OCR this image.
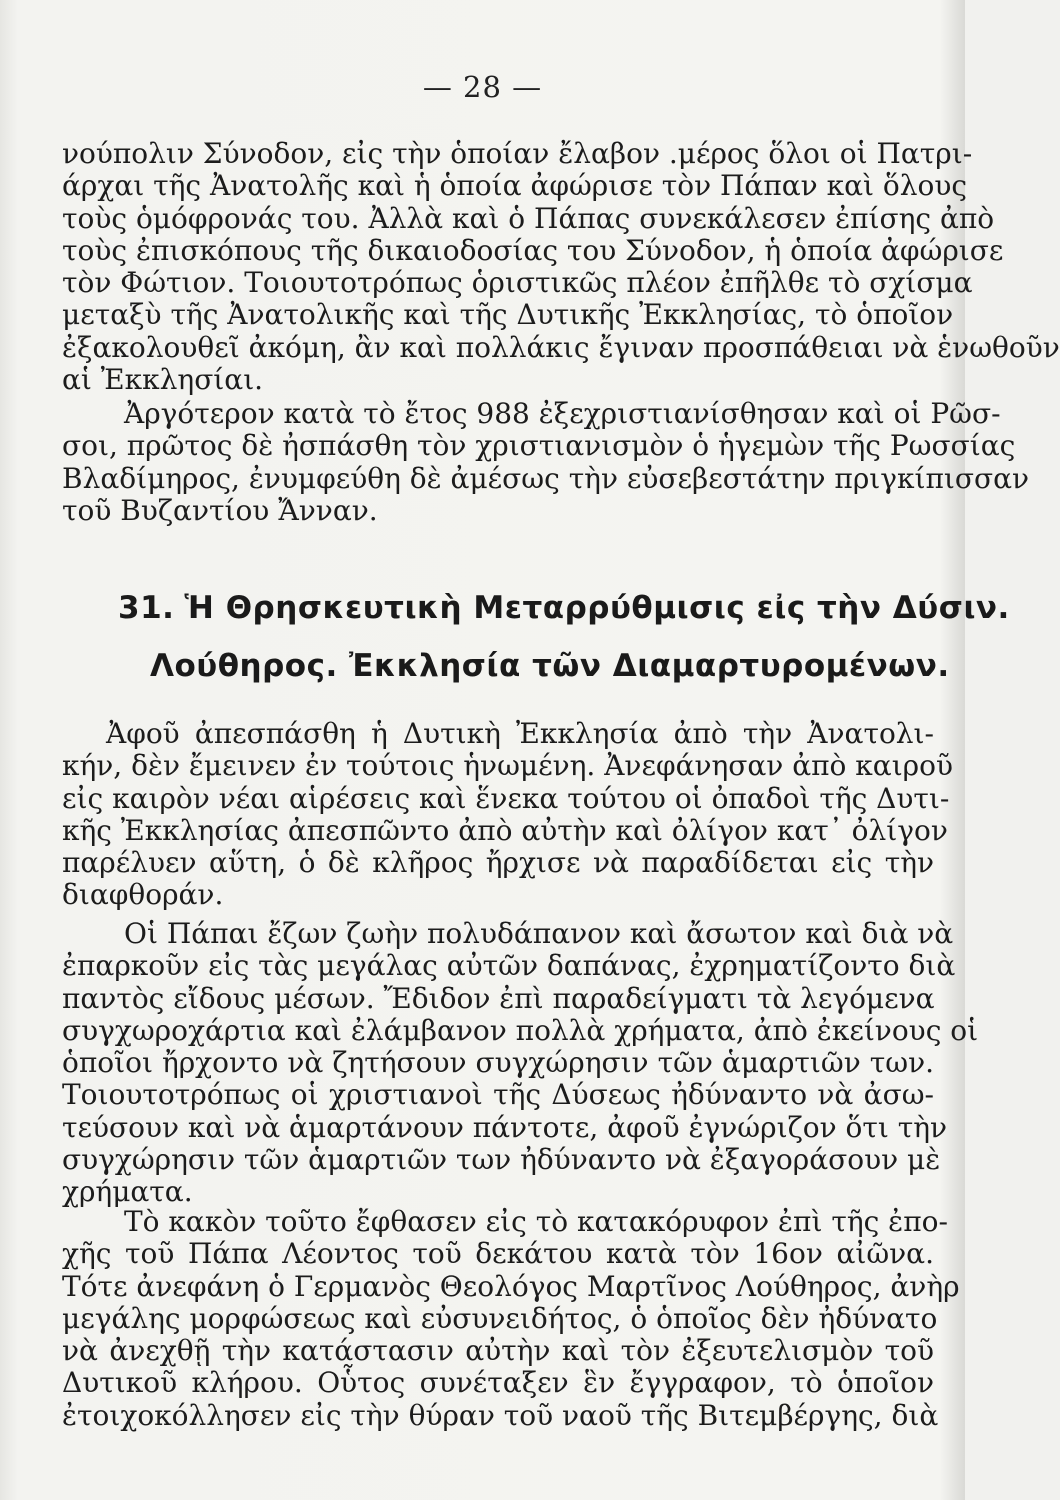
— 28 —
νούπολιν Σύνοδον, εἰς τὴν ὁποίαν ἔλαβον .μέρος ὅλοι οἱ Πατρι-
άρχαι τῆς Ἀνατολῆς καὶ ἡ ὁποία ἀφώρισε τὸν Πάπαν καὶ ὅλους
τοὺς ὁμόφρονάς του. Ἀλλὰ καὶ ὁ Πάπας συνεκάλεσεν ἐπίσης ἀπὸ
τοὺς ἐπισκόπους τῆς δικαιοδοσίας του Σύνοδον, ἡ ὁποία ἀφώρισε
τὸν Φώτιον. Τοιουτοτρόπως ὁριστικῶς πλέον ἐπῆλθε τὸ σχίσμα
μεταξὺ τῆς Ἀνατολικῆς καὶ τῆς Δυτικῆς Ἐκκλησίας, τὸ ὁποῖον
ἐξακολουθεῖ ἀκόμη, ἂν καὶ πολλάκις ἔγιναν προσπάθειαι νὰ ἑνωθοῦν
αἱ Ἐκκλησίαι.
Ἀργότερον κατὰ τὸ ἔτος 988 ἐξεχριστιανίσθησαν καὶ οἱ Ρῶσ-
σοι, πρῶτος δὲ ἠσπάσθη τὸν χριστιανισμὸν ὁ ἡγεμὼν τῆς Ρωσσίας
Βλαδίμηρος, ἐνυμφεύθη δὲ ἀμέσως τὴν εὐσεβεστάτην πριγκίπισσαν
τοῦ Βυζαντίου Ἄνναν.
31. Ἡ Θρησκευτικὴ Μεταρρύθμισις εἰς τὴν Δύσιν.
Λούθηρος. Ἐκκλησία τῶν Διαμαρτυρομένων.
Ἀφοῦ ἀπεσπάσθη ἡ Δυτικὴ Ἐκκλησία ἀπὸ τὴν Ἀνατολι-
κήν, δὲν ἔμεινεν ἐν τούτοις ἡνωμένη. Ἀνεφάνησαν ἀπὸ καιροῦ
εἰς καιρὸν νέαι αἱρέσεις καὶ ἕνεκα τούτου οἱ ὀπαδοὶ τῆς Δυτι-
κῆς Ἐκκλησίας ἀπεσπῶντο ἀπὸ αὐτὴν καὶ ὀλίγον κατ᾽ ὀλίγον
παρέλυεν αὕτη, ὁ δὲ κλῆρος ἤρχισε νὰ παραδίδεται εἰς τὴν
διαφθοράν.
Οἱ Πάπαι ἔζων ζωὴν πολυδάπανον καὶ ἄσωτον καὶ διὰ νὰ
ἐπαρκοῦν εἰς τὰς μεγάλας αὐτῶν δαπάνας, ἐχρηματίζοντο διὰ
παντὸς εἴδους μέσων. Ἔδιδον ἐπὶ παραδείγματι τὰ λεγόμενα
συγχωροχάρτια καὶ ἐλάμβανον πολλὰ χρήματα, ἀπὸ ἐκείνους οἱ
ὁποῖοι ἤρχοντο νὰ ζητήσουν συγχώρησιν τῶν ἁμαρτιῶν των.
Τοιουτοτρόπως οἱ χριστιανοὶ τῆς Δύσεως ἠδύναντο νὰ ἀσω-
τεύσουν καὶ νὰ ἁμαρτάνουν πάντοτε, ἀφοῦ ἐγνώριζον ὅτι τὴν
συγχώρησιν τῶν ἁμαρτιῶν των ἠδύναντο νὰ ἐξαγοράσουν μὲ
χρήματα.
Τὸ κακὸν τοῦτο ἔφθασεν εἰς τὸ κατακόρυφον ἐπὶ τῆς ἐπο-
χῆς τοῦ Πάπα Λέοντος τοῦ δεκάτου κατὰ τὸν 16ον αἰῶνα.
Τότε ἀνεφάνη ὁ Γερμανὸς Θεολόγος Μαρτῖνος Λούθηρος, ἀνὴρ
μεγάλης μορφώσεως καὶ εὐσυνειδήτος, ὁ ὁποῖος δὲν ἠδύνατο
νὰ ἀνεχθῇ τὴν κατάστασιν αὐτὴν καὶ τὸν ἐξευτελισμὸν τοῦ
Δυτικοῦ κλήρου. Οὗτος συνέταξεν ἓν ἔγγραφον, τὸ ὁποῖον
ἐτοιχοκόλλησεν εἰς τὴν θύραν τοῦ ναοῦ τῆς Βιτεμβέργης, διὰ
